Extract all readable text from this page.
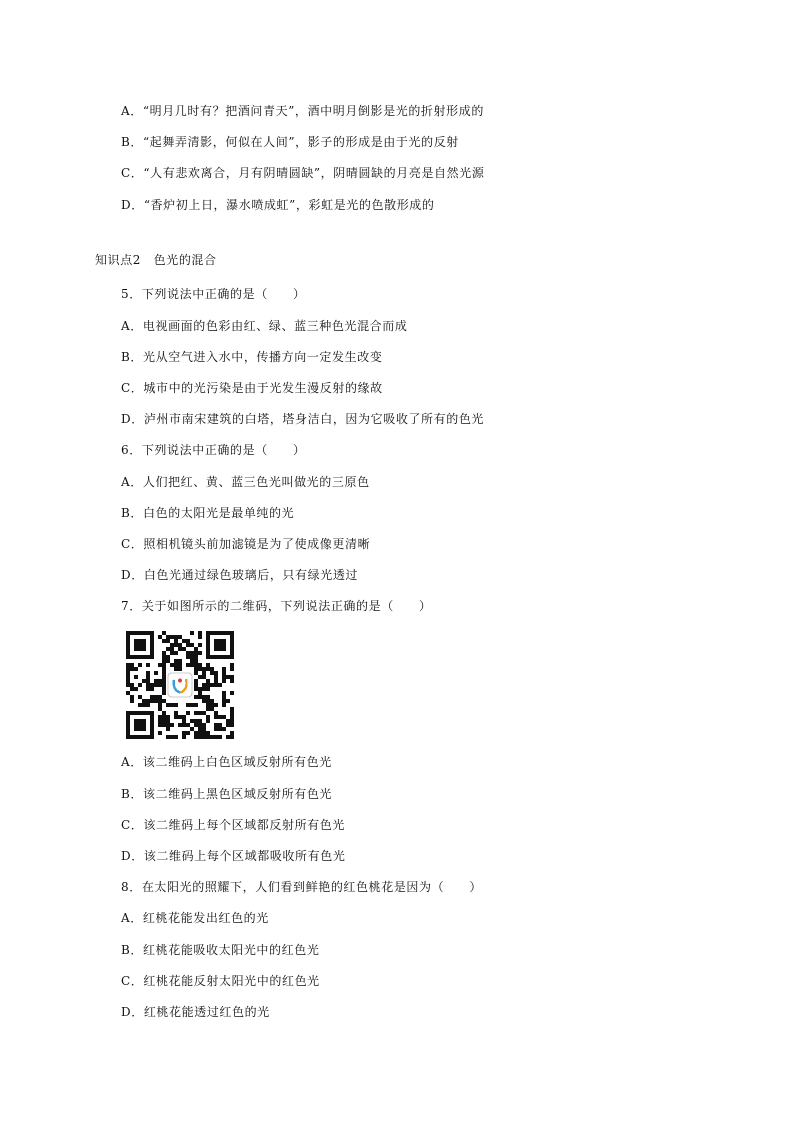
A．“明月几时有？把酒问青天”，酒中明月倒影是光的折射形成的
B．“起舞弄清影，何似在人间”，影子的形成是由于光的反射
C．“人有悲欢离合，月有阴晴圆缺”，阴晴圆缺的月亮是自然光源
D．“香炉初上日，瀑水喷成虹”，彩虹是光的色散形成的
知识点2　色光的混合
5．下列说法中正确的是（　　）
A．电视画面的色彩由红、绿、蓝三种色光混合而成
B．光从空气进入水中，传播方向一定发生改变
C．城市中的光污染是由于光发生漫反射的缘故
D．泸州市南宋建筑的白塔，塔身洁白，因为它吸收了所有的色光
6．下列说法中正确的是（　　）
A．人们把红、黄、蓝三色光叫做光的三原色
B．白色的太阳光是最单纯的光
C．照相机镜头前加滤镜是为了使成像更清晰
D．白色光通过绿色玻璃后，只有绿光透过
7．关于如图所示的二维码，下列说法正确的是（　　）
A．该二维码上白色区域反射所有色光
B．该二维码上黑色区域反射所有色光
C．该二维码上每个区域都反射所有色光
D．该二维码上每个区域都吸收所有色光
8．在太阳光的照耀下，人们看到鲜艳的红色桃花是因为（　　）
A．红桃花能发出红色的光
B．红桃花能吸收太阳光中的红色光
C．红桃花能反射太阳光中的红色光
D．红桃花能透过红色的光
